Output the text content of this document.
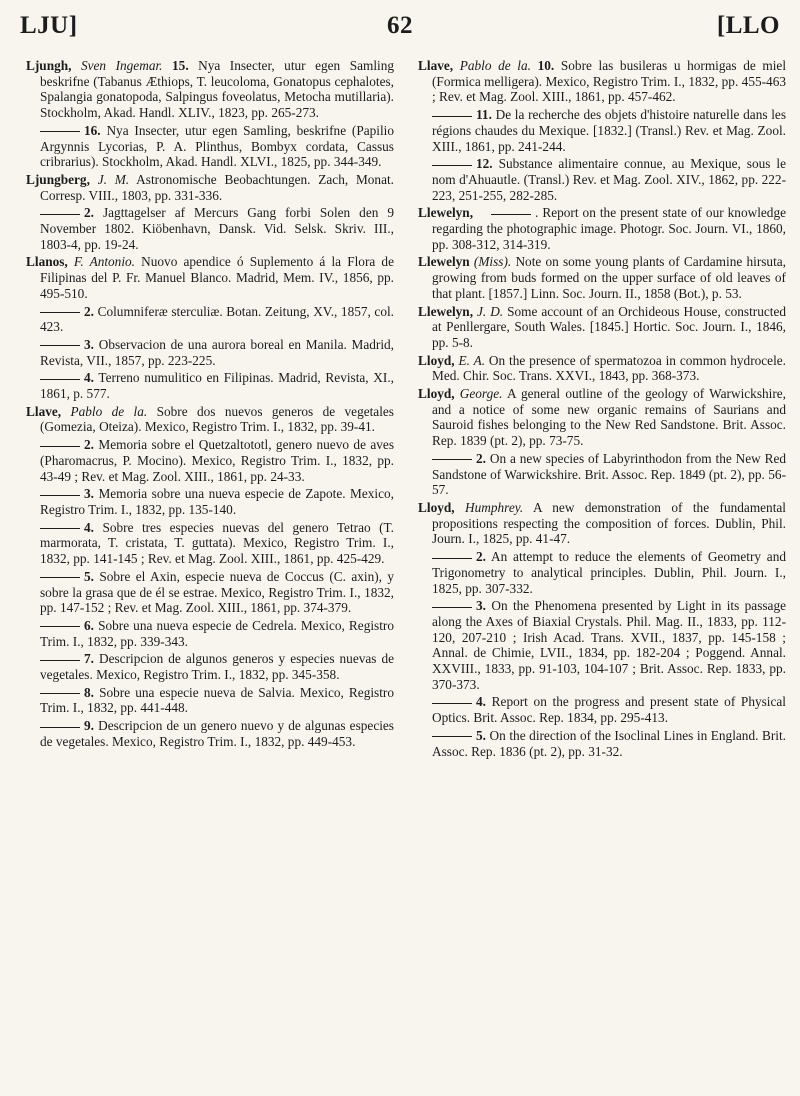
LJU]	62	[LLO

Ljungh, Sven Ingemar. 15. Nya Insecter, utur egen Samling beskrifne (Tabanus Æthiops, T. leucoloma, Gonatopus cephalotes, Spalangia gonatopoda, Salpingus foveolatus, Metocha mutillaria). Stockholm, Akad. Handl. XLIV., 1823, pp. 265-273.

16. Nya Insecter, utur egen Samling, beskrifne (Papilio Argynnis Lycorias, P. A. Plinthus, Bombyx cordata, Cassus cribrarius). Stockholm, Akad. Handl. XLVI., 1825, pp. 344-349.

Ljungberg, J. M. Astronomische Beobachtungen. Zach, Monat. Corresp. VIII., 1803, pp. 331-336.

2. Jagttagelser af Mercurs Gang forbi Solen den 9 November 1802. Kiöbenhavn, Dansk. Vid. Selsk. Skriv. III., 1803-4, pp. 19-24.

Llanos, F. Antonio. Nuovo apendice ó Suplemento á la Flora de Filipinas del P. Fr. Manuel Blanco. Madrid, Mem. IV., 1856, pp. 495-510.

2. Columniferæ sterculiæ. Botan. Zeitung, XV., 1857, col. 423.

3. Observacion de una aurora boreal en Manila. Madrid, Revista, VII., 1857, pp. 223-225.

4. Terreno numulitico en Filipinas. Madrid, Revista, XI., 1861, p. 577.

Llave, Pablo de la. Sobre dos nuevos generos de vegetales (Gomezia, Oteiza). Mexico, Registro Trim. I., 1832, pp. 39-41.

2. Memoria sobre el Quetzaltototl, genero nuevo de aves (Pharomacrus, P. Mocino). Mexico, Registro Trim. I., 1832, pp. 43-49 ; Rev. et Mag. Zool. XIII., 1861, pp. 24-33.

3. Memoria sobre una nueva especie de Zapote. Mexico, Registro Trim. I., 1832, pp. 135-140.

4. Sobre tres especies nuevas del genero Tetrao (T. marmorata, T. cristata, T. guttata). Mexico, Registro Trim. I., 1832, pp. 141-145 ; Rev. et Mag. Zool. XIII., 1861, pp. 425-429.

5. Sobre el Axin, especie nueva de Coccus (C. axin), y sobre la grasa que de él se estrae. Mexico, Registro Trim. I., 1832, pp. 147-152 ; Rev. et Mag. Zool. XIII., 1861, pp. 374-379.

6. Sobre una nueva especie de Cedrela. Mexico, Registro Trim. I., 1832, pp. 339-343.

7. Descripcion de algunos generos y especies nuevas de vegetales. Mexico, Registro Trim. I., 1832, pp. 345-358.

8. Sobre una especie nueva de Salvia. Mexico, Registro Trim. I., 1832, pp. 441-448.

9. Descripcion de un genero nuevo y de algunas especies de vegetales. Mexico, Registro Trim. I., 1832, pp. 449-453.

Llave, Pablo de la. 10. Sobre las busileras u hormigas de miel (Formica melligera). Mexico, Registro Trim. I., 1832, pp. 455-463 ; Rev. et Mag. Zool. XIII., 1861, pp. 457-462.

11. De la recherche des objets d'histoire naturelle dans les régions chaudes du Mexique. [1832.] (Transl.) Rev. et Mag. Zool. XIII., 1861, pp. 241-244.

12. Substance alimentaire connue, au Mexique, sous le nom d'Ahuautle. (Transl.) Rev. et Mag. Zool. XIV., 1862, pp. 222-223, 251-255, 282-285.

Llewelyn,	. Report on the present state of our knowledge regarding the photographic image. Photogr. Soc. Journ. VI., 1860, pp. 308-312, 314-319.

Llewelyn (Miss). Note on some young plants of Cardamine hirsuta, growing from buds formed on the upper surface of old leaves of that plant. [1857.] Linn. Soc. Journ. II., 1858 (Bot.), p. 53.

Llewelyn, J. D. Some account of an Orchideous House, constructed at Penllergare, South Wales. [1845.] Hortic. Soc. Journ. I., 1846, pp. 5-8.

Lloyd, E. A. On the presence of spermatozoa in common hydrocele. Med. Chir. Soc. Trans. XXVI., 1843, pp. 368-373.

Lloyd, George. A general outline of the geology of Warwickshire, and a notice of some new organic remains of Saurians and Sauroid fishes belonging to the New Red Sandstone. Brit. Assoc. Rep. 1839 (pt. 2), pp. 73-75.

2. On a new species of Labyrinthodon from the New Red Sandstone of Warwickshire. Brit. Assoc. Rep. 1849 (pt. 2), pp. 56-57.

Lloyd, Humphrey. A new demonstration of the fundamental propositions respecting the composition of forces. Dublin, Phil. Journ. I., 1825, pp. 41-47.

2. An attempt to reduce the elements of Geometry and Trigonometry to analytical principles. Dublin, Phil. Journ. I., 1825, pp. 307-332.

3. On the Phenomena presented by Light in its passage along the Axes of Biaxial Crystals. Phil. Mag. II., 1833, pp. 112-120, 207-210 ; Irish Acad. Trans. XVII., 1837, pp. 145-158 ; Annal. de Chimie, LVII., 1834, pp. 182-204 ; Poggend. Annal. XXVIII., 1833, pp. 91-103, 104-107 ; Brit. Assoc. Rep. 1833, pp. 370-373.

4. Report on the progress and present state of Physical Optics. Brit. Assoc. Rep. 1834, pp. 295-413.

5. On the direction of the Isoclinal Lines in England. Brit. Assoc. Rep. 1836 (pt. 2), pp. 31-32.
